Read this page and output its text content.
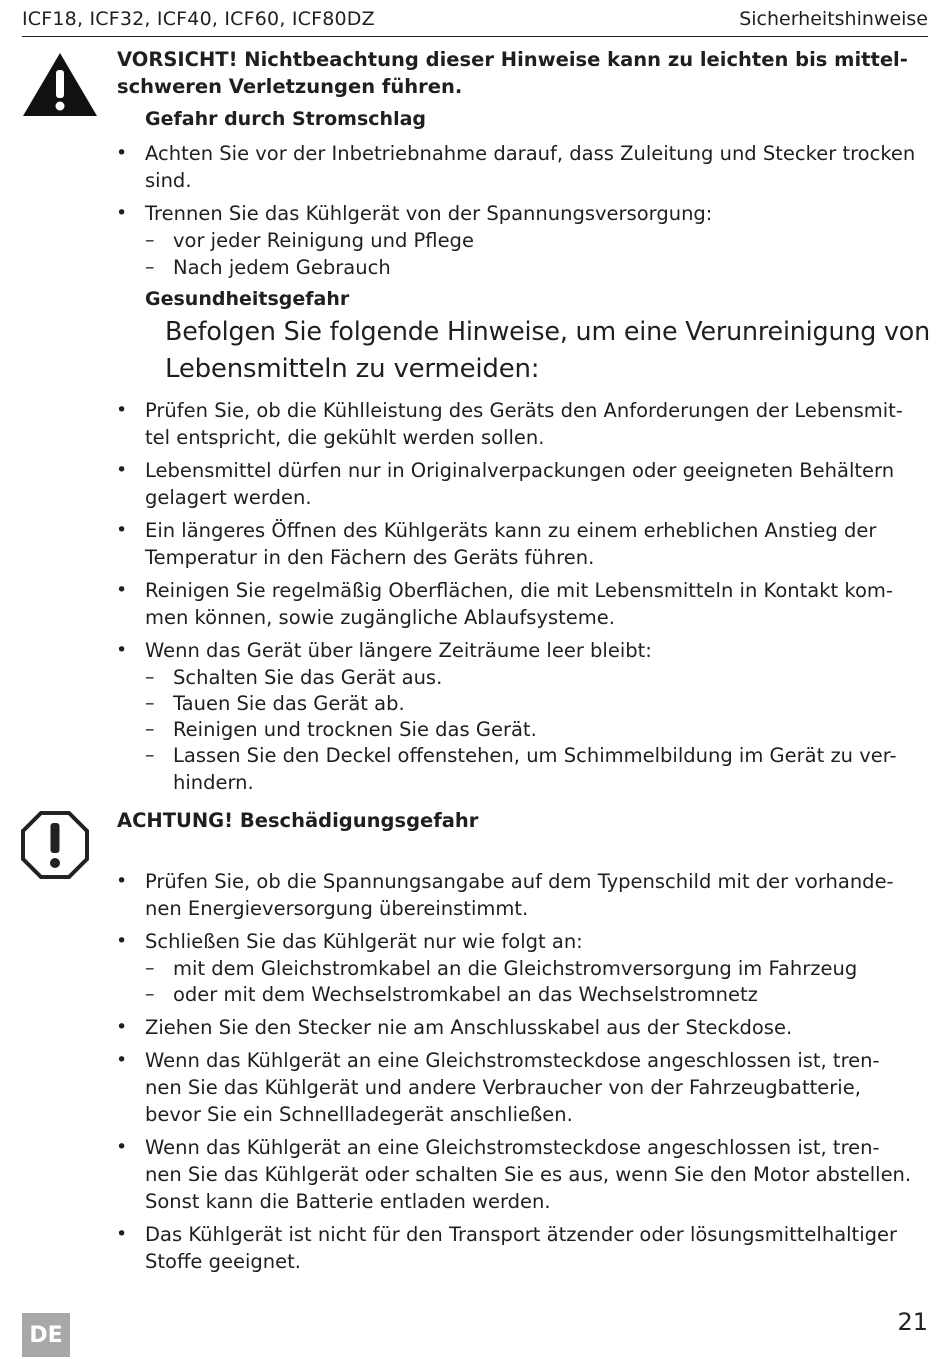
ICF18, ICF32, ICF40, ICF60, ICF80DZ	Sicherheitshinweise
VORSICHT! Nichtbeachtung dieser Hinweise kann zu leichten bis mittel-
schweren Verletzungen führen.
Gefahr durch Stromschlag
• Achten Sie vor der Inbetriebnahme darauf, dass Zuleitung und Stecker trocken
sind.
• Trennen Sie das Kühlgerät von der Spannungsversorgung:
– vor jeder Reinigung und Pflege
– Nach jedem Gebrauch
Gesundheitsgefahr
Befolgen Sie folgende Hinweise, um eine Verunreinigung von
Lebensmitteln zu vermeiden:
• Prüfen Sie, ob die Kühlleistung des Geräts den Anforderungen der Lebensmit-
tel entspricht, die gekühlt werden sollen.
• Lebensmittel dürfen nur in Originalverpackungen oder geeigneten Behältern
gelagert werden.
• Ein längeres Öffnen des Kühlgeräts kann zu einem erheblichen Anstieg der
Temperatur in den Fächern des Geräts führen.
• Reinigen Sie regelmäßig Oberflächen, die mit Lebensmitteln in Kontakt kom-
men können, sowie zugängliche Ablaufsysteme.
• Wenn das Gerät über längere Zeiträume leer bleibt:
– Schalten Sie das Gerät aus.
– Tauen Sie das Gerät ab.
– Reinigen und trocknen Sie das Gerät.
– Lassen Sie den Deckel offenstehen, um Schimmelbildung im Gerät zu ver-
hindern.
ACHTUNG! Beschädigungsgefahr
• Prüfen Sie, ob die Spannungsangabe auf dem Typenschild mit der vorhande-
nen Energieversorgung übereinstimmt.
• Schließen Sie das Kühlgerät nur wie folgt an:
– mit dem Gleichstromkabel an die Gleichstromversorgung im Fahrzeug
– oder mit dem Wechselstromkabel an das Wechselstromnetz
• Ziehen Sie den Stecker nie am Anschlusskabel aus der Steckdose.
• Wenn das Kühlgerät an eine Gleichstromsteckdose angeschlossen ist, tren-
nen Sie das Kühlgerät und andere Verbraucher von der Fahrzeugbatterie,
bevor Sie ein Schnellladegerät anschließen.
• Wenn das Kühlgerät an eine Gleichstromsteckdose angeschlossen ist, tren-
nen Sie das Kühlgerät oder schalten Sie es aus, wenn Sie den Motor abstellen.
Sonst kann die Batterie entladen werden.
• Das Kühlgerät ist nicht für den Transport ätzender oder lösungsmittelhaltiger
Stoffe geeignet.
DE	21
